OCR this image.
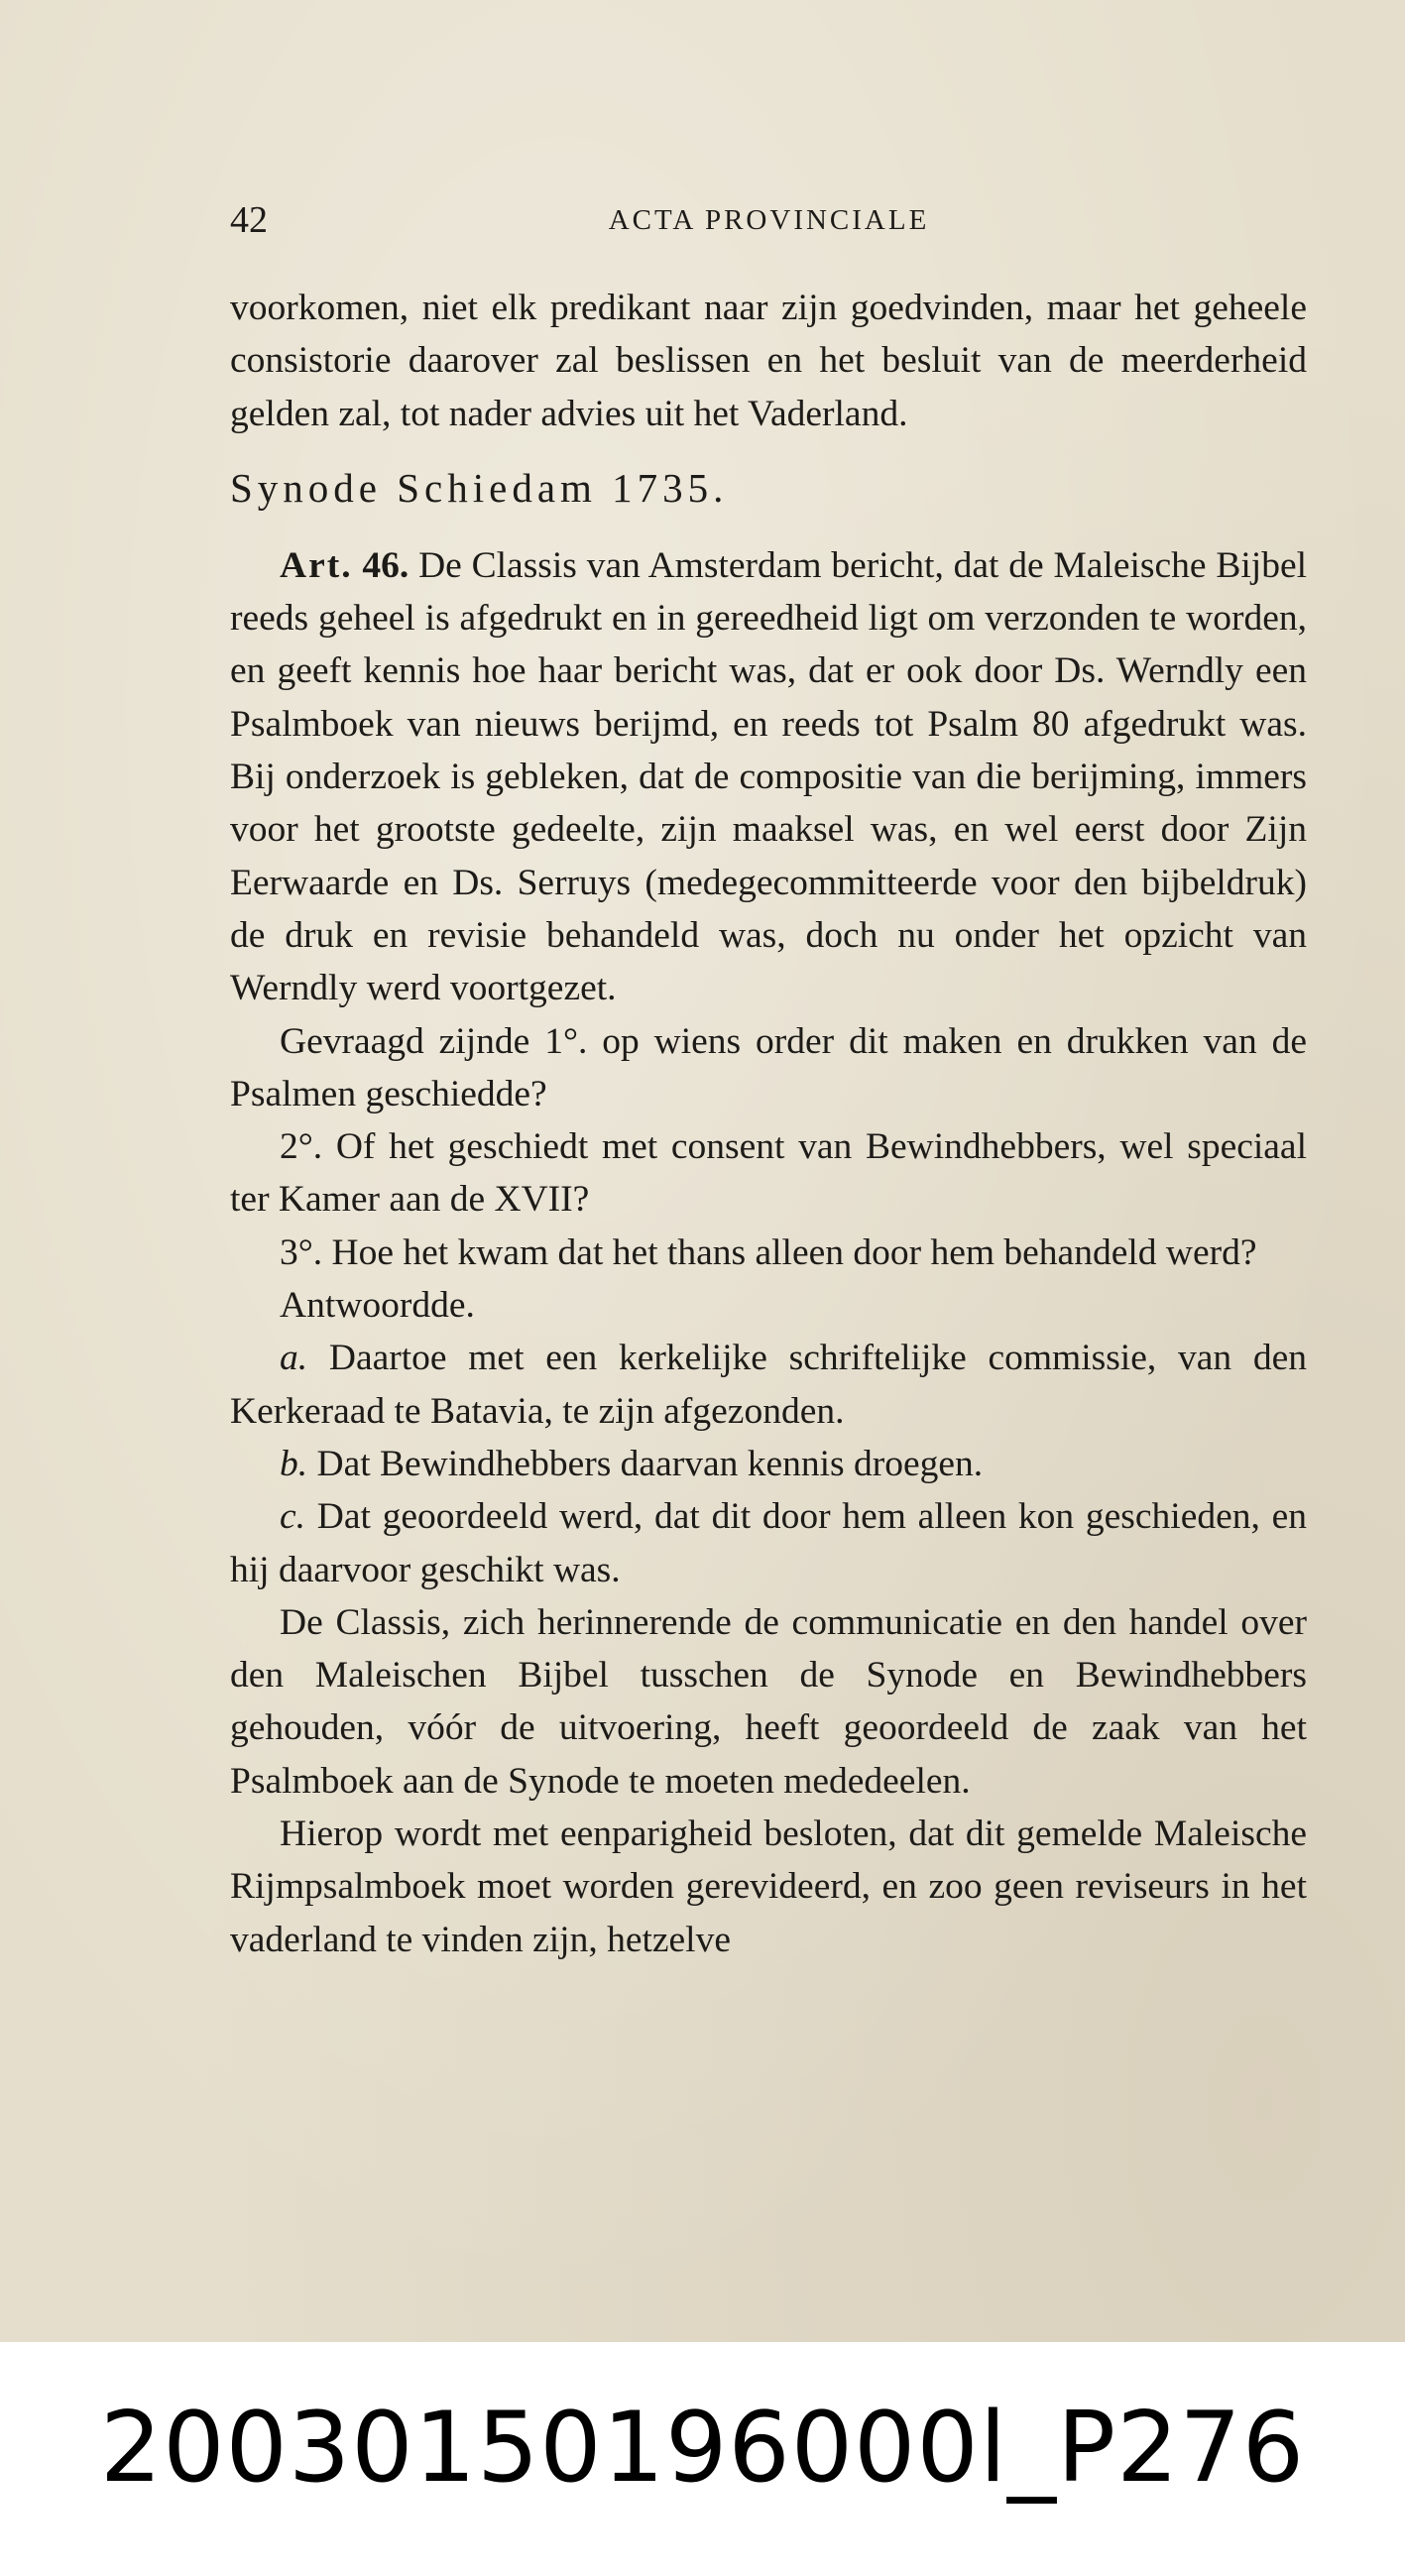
42	ACTA PROVINCIALE

voorkomen, niet elk predikant naar zijn goedvinden, maar het geheele consistorie daarover zal beslissen en het besluit van de meerderheid gelden zal, tot nader advies uit het Vaderland.

Synode Schiedam 1735.

Art. 46. De Classis van Amsterdam bericht, dat de Maleische Bijbel reeds geheel is afgedrukt en in gereedheid ligt om verzonden te worden, en geeft kennis hoe haar bericht was, dat er ook door Ds. Werndly een Psalmboek van nieuws berijmd, en reeds tot Psalm 80 afgedrukt was. Bij onderzoek is gebleken, dat de compositie van die berijming, immers voor het grootste gedeelte, zijn maaksel was, en wel eerst door Zijn Eerwaarde en Ds. Serruys (medegecommitteerde voor den bijbeldruk) de druk en revisie behandeld was, doch nu onder het opzicht van Werndly werd voortgezet.

Gevraagd zijnde 1°. op wiens order dit maken en drukken van de Psalmen geschiedde?

2°. Of het geschiedt met consent van Bewindhebbers, wel speciaal ter Kamer aan de XVII?

3°. Hoe het kwam dat het thans alleen door hem behandeld werd?

Antwoordde.

a. Daartoe met een kerkelijke schriftelijke commissie, van den Kerkeraad te Batavia, te zijn afgezonden.

b. Dat Bewindhebbers daarvan kennis droegen.

c. Dat geoordeeld werd, dat dit door hem alleen kon geschieden, en hij daarvoor geschikt was.

De Classis, zich herinnerende de communicatie en den handel over den Maleischen Bijbel tusschen de Synode en Bewindhebbers gehouden, vóór de uitvoering, heeft geoordeeld de zaak van het Psalmboek aan de Synode te moeten mededeelen.

Hierop wordt met eenparigheid besloten, dat dit gemelde Maleische Rijmpsalmboek moet worden gerevideerd, en zoo geen reviseurs in het vaderland te vinden zijn, hetzelve

20030150196000l_P276
